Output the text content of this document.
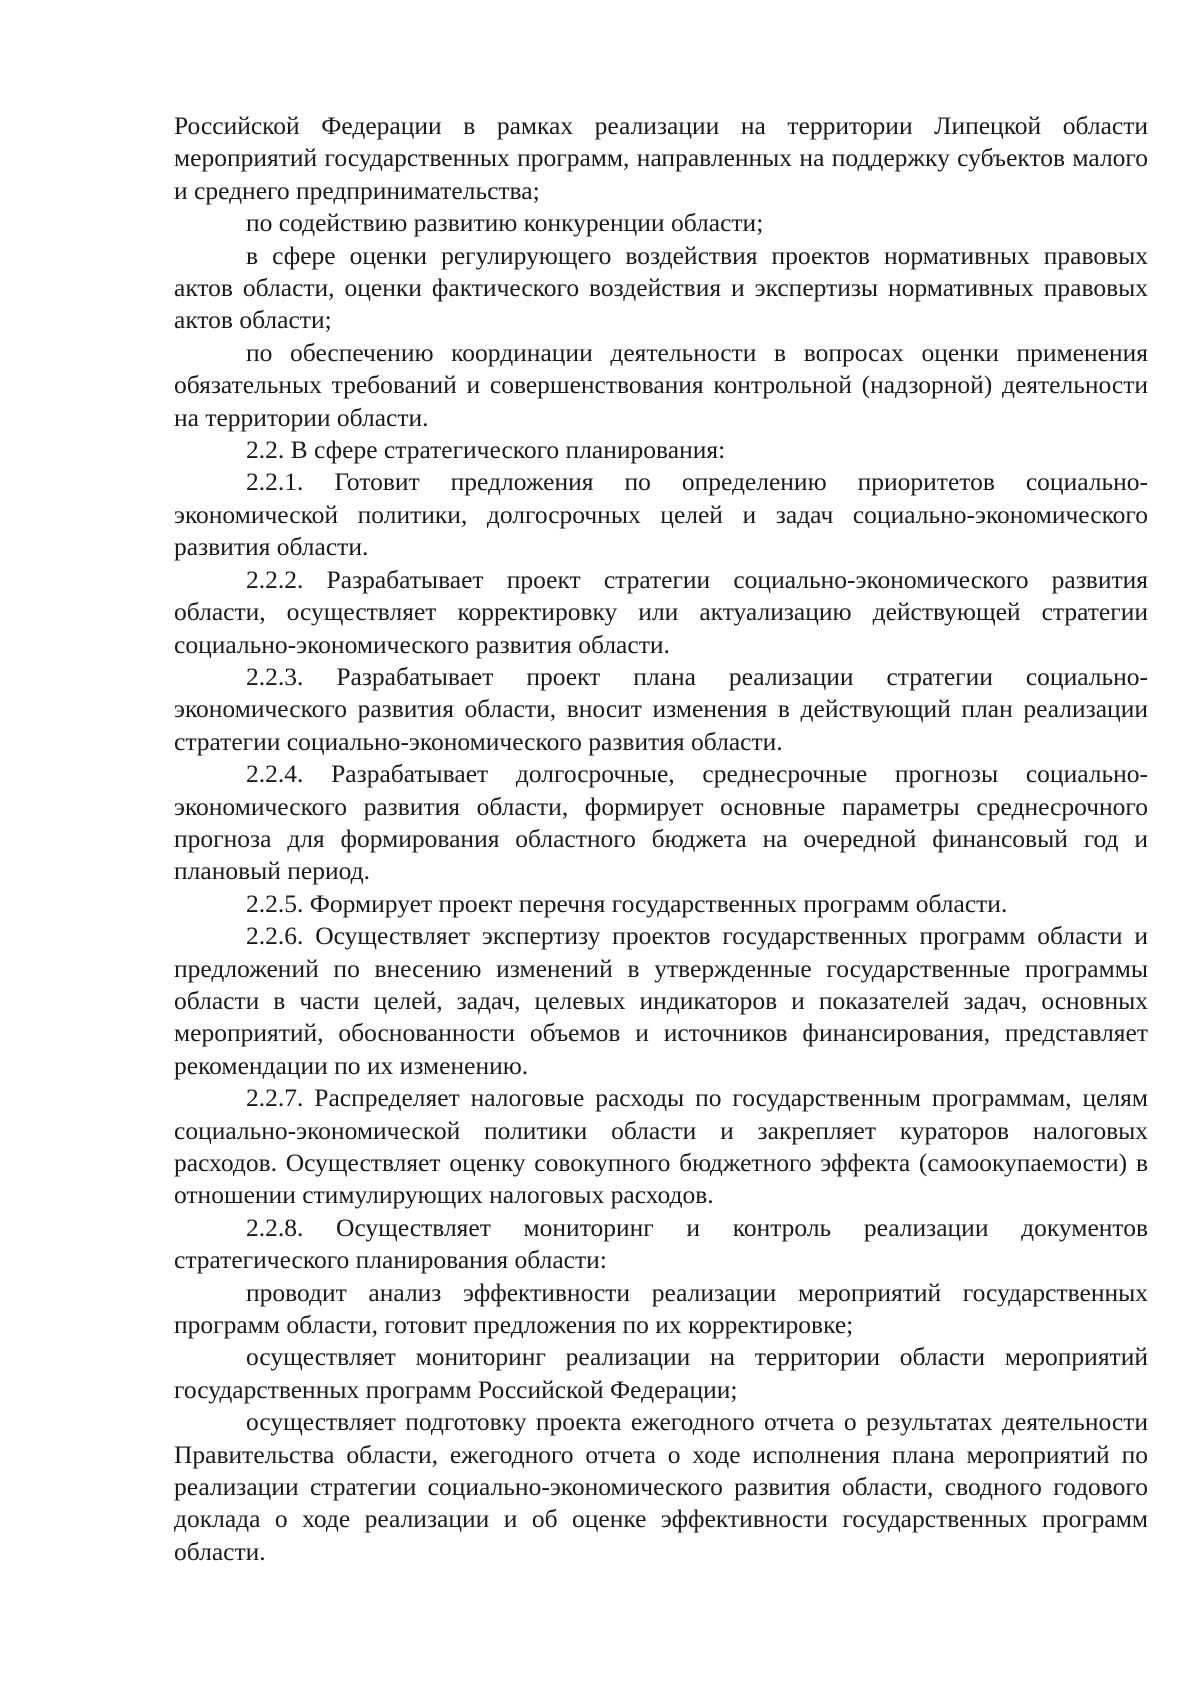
Российской Федерации в рамках реализации на территории Липецкой области мероприятий государственных программ, направленных на поддержку субъектов малого и среднего предпринимательства;

по содействию развитию конкуренции области;

в сфере оценки регулирующего воздействия проектов нормативных правовых актов области, оценки фактического воздействия и экспертизы нормативных правовых актов области;

по обеспечению координации деятельности в вопросах оценки применения обязательных требований и совершенствования контрольной (надзорной) деятельности на территории области.

2.2. В сфере стратегического планирования:

2.2.1. Готовит предложения по определению приоритетов социально-экономической политики, долгосрочных целей и задач социально-экономического развития области.

2.2.2. Разрабатывает проект стратегии социально-экономического развития области, осуществляет корректировку или актуализацию действующей стратегии социально-экономического развития области.

2.2.3. Разрабатывает проект плана реализации стратегии социально-экономического развития области, вносит изменения в действующий план реализации стратегии социально-экономического развития области.

2.2.4. Разрабатывает долгосрочные, среднесрочные прогнозы социально-экономического развития области, формирует основные параметры среднесрочного прогноза для формирования областного бюджета на очередной финансовый год и плановый период.

2.2.5. Формирует проект перечня государственных программ области.

2.2.6. Осуществляет экспертизу проектов государственных программ области и предложений по внесению изменений в утвержденные государственные программы области в части целей, задач, целевых индикаторов и показателей задач, основных мероприятий, обоснованности объемов и источников финансирования, представляет рекомендации по их изменению.

2.2.7. Распределяет налоговые расходы по государственным программам, целям социально-экономической политики области и закрепляет кураторов налоговых расходов. Осуществляет оценку совокупного бюджетного эффекта (самоокупаемости) в отношении стимулирующих налоговых расходов.

2.2.8. Осуществляет мониторинг и контроль реализации документов стратегического планирования области:

проводит анализ эффективности реализации мероприятий государственных программ области, готовит предложения по их корректировке;

осуществляет мониторинг реализации на территории области мероприятий государственных программ Российской Федерации;

осуществляет подготовку проекта ежегодного отчета о результатах деятельности Правительства области, ежегодного отчета о ходе исполнения плана мероприятий по реализации стратегии социально-экономического развития области, сводного годового доклада о ходе реализации и об оценке эффективности государственных программ области.
